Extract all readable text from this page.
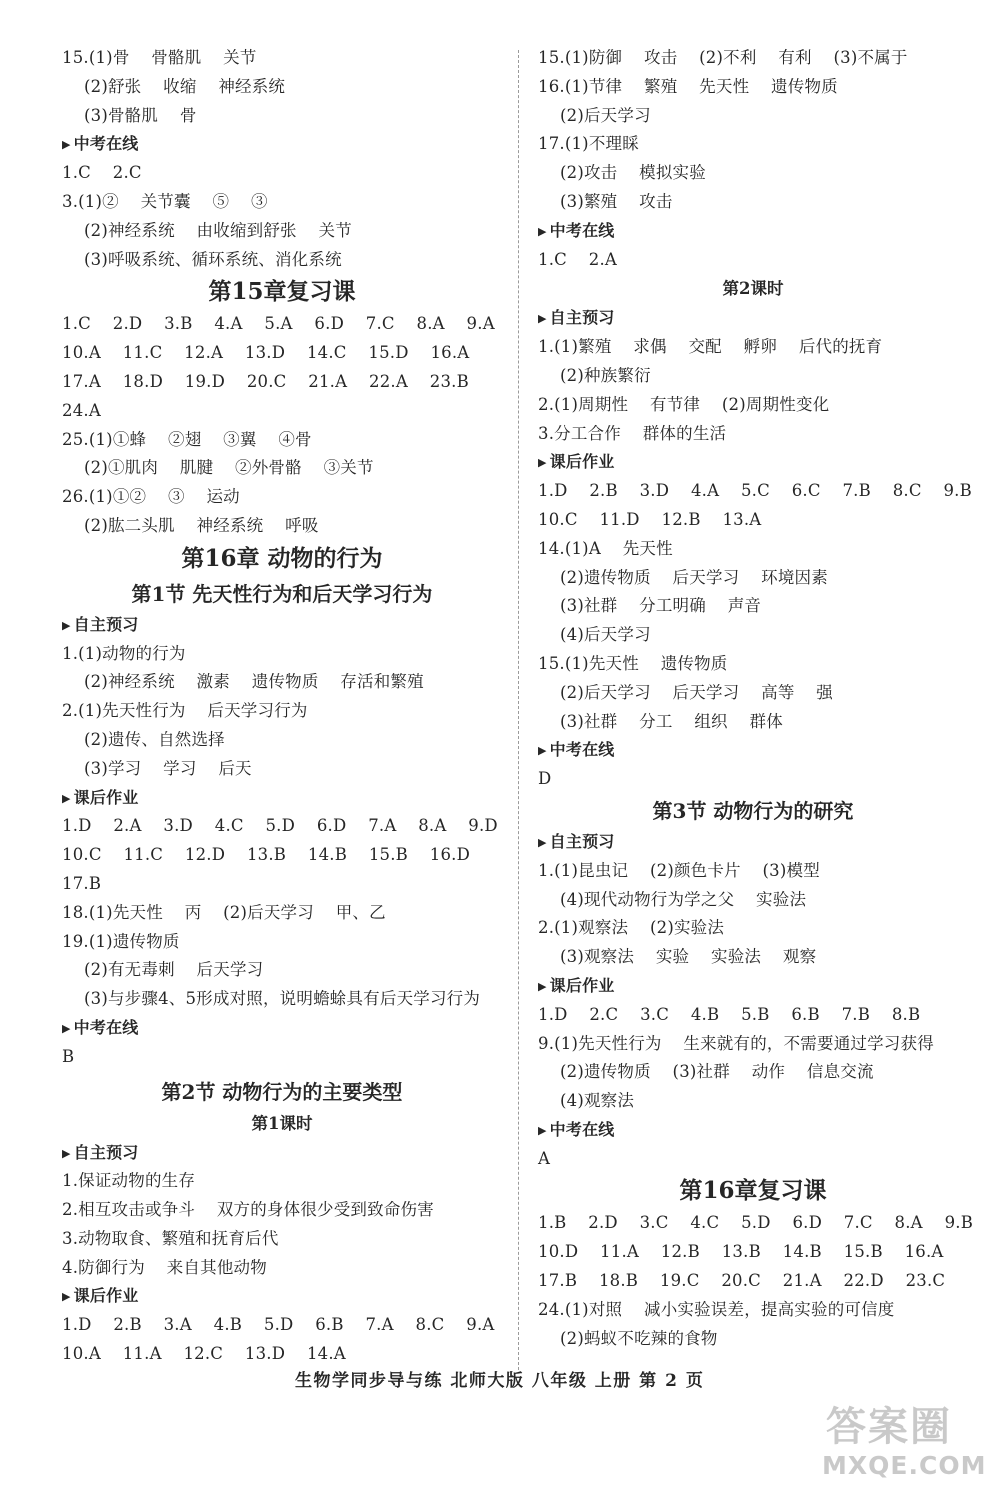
15.(1)骨    骨骼肌    关节
(2)舒张    收缩    神经系统
(3)骨骼肌    骨
▶ 中考在线
1.C    2.C
3.(1)②    关节囊    ⑤    ③
(2)神经系统    由收缩到舒张    关节
(3)呼吸系统、循环系统、消化系统
第15章复习课
1.C    2.D    3.B    4.A    5.A    6.D    7.C    8.A    9.A
10.A    11.C    12.A    13.D    14.C    15.D    16.A
17.A    18.D    19.D    20.C    21.A    22.A    23.B
24.A
25.(1)①蜂    ②翅    ③翼    ④骨
(2)①肌肉    肌腱    ②外骨骼    ③关节
26.(1)①②    ③    运动
(2)肱二头肌    神经系统    呼吸
第16章 动物的行为
第1节 先天性行为和后天学习行为
▶ 自主预习
1.(1)动物的行为
(2)神经系统    激素    遗传物质    存活和繁殖
2.(1)先天性行为    后天学习行为
(2)遗传、自然选择
(3)学习    学习    后天
▶ 课后作业
1.D    2.A    3.D    4.C    5.D    6.D    7.A    8.A    9.D
10.C    11.C    12.D    13.B    14.B    15.B    16.D
17.B
18.(1)先天性    丙    (2)后天学习    甲、乙
19.(1)遗传物质
(2)有无毒刺    后天学习
(3)与步骤4、5形成对照，说明蟾蜍具有后天学习行为
▶ 中考在线
B
第2节 动物行为的主要类型
第1课时
▶ 自主预习
1.保证动物的生存
2.相互攻击或争斗    双方的身体很少受到致命伤害
3.动物取食、繁殖和抚育后代
4.防御行为    来自其他动物
▶ 课后作业
1.D    2.B    3.A    4.B    5.D    6.B    7.A    8.C    9.A
10.A    11.A    12.C    13.D    14.A
15.(1)防御    攻击    (2)不利    有利    (3)不属于
16.(1)节律    繁殖    先天性    遗传物质
(2)后天学习
17.(1)不理睬
(2)攻击    模拟实验
(3)繁殖    攻击
▶ 中考在线
1.C    2.A
第2课时
▶ 自主预习
1.(1)繁殖    求偶    交配    孵卵    后代的抚育
(2)种族繁衍
2.(1)周期性    有节律    (2)周期性变化
3.分工合作    群体的生活
▶ 课后作业
1.D    2.B    3.D    4.A    5.C    6.C    7.B    8.C    9.B
10.C    11.D    12.B    13.A
14.(1)A    先天性
(2)遗传物质    后天学习    环境因素
(3)社群    分工明确    声音
(4)后天学习
15.(1)先天性    遗传物质
(2)后天学习    后天学习    高等    强
(3)社群    分工    组织    群体
▶ 中考在线
D
第3节 动物行为的研究
▶ 自主预习
1.(1)昆虫记    (2)颜色卡片    (3)模型
(4)现代动物行为学之父    实验法
2.(1)观察法    (2)实验法
(3)观察法    实验    实验法    观察
▶ 课后作业
1.D    2.C    3.C    4.B    5.B    6.B    7.B    8.B
9.(1)先天性行为    生来就有的，不需要通过学习获得
(2)遗传物质    (3)社群    动作    信息交流
(4)观察法
▶ 中考在线
A
第16章复习课
1.B    2.D    3.C    4.C    5.D    6.D    7.C    8.A    9.B
10.D    11.A    12.B    13.B    14.B    15.B    16.A
17.B    18.B    19.C    20.C    21.A    22.D    23.C
24.(1)对照    减小实验误差，提高实验的可信度
(2)蚂蚁不吃辣的食物
生物学同步导与练 北师大版 八年级 上册 第 2 页
答案圈
MXQE.COM
